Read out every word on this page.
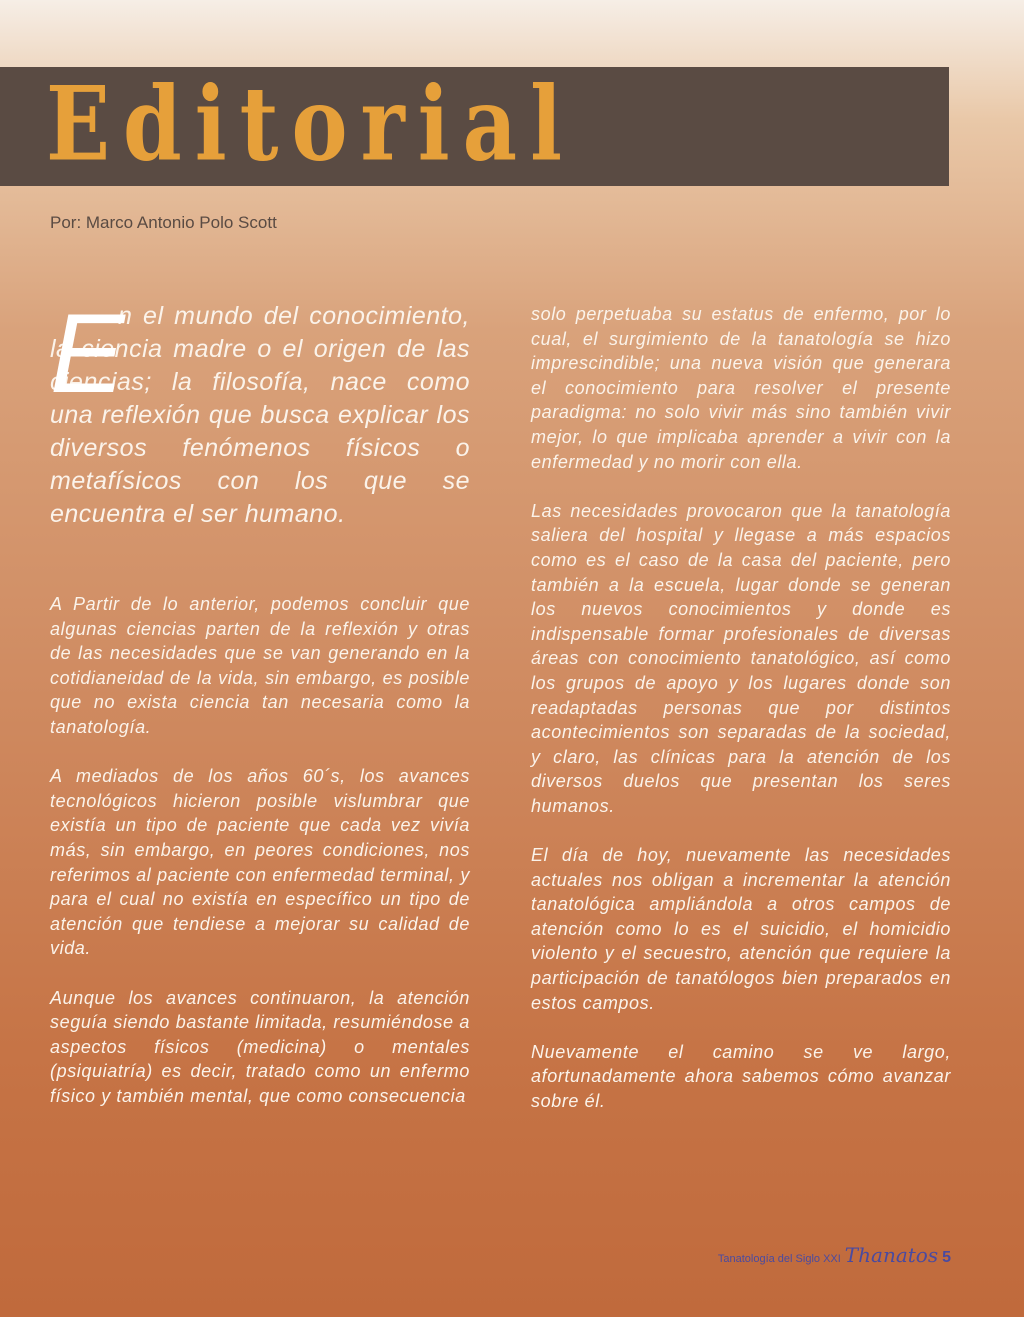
Editorial
Por: Marco Antonio Polo Scott
E

n el mundo del conocimiento, la ciencia madre o el origen de las ciencias; la filosofía, nace como una reflexión que busca explicar los diversos fenómenos físicos o metafísicos con los que se encuentra el ser humano.

A Partir de lo anterior, podemos concluir que algunas ciencias parten de la reflexión y otras de las necesidades que se van generando en la cotidianeidad de la vida, sin embargo, es posible que no exista ciencia tan necesaria como la tanatología.

A mediados de los años 60´s, los avances tecnológicos hicieron posible vislumbrar que existía un tipo de paciente que cada vez vivía más, sin embargo, en peores condiciones, nos referimos al paciente con enfermedad terminal, y para el cual no existía en específico un tipo de atención que tendiese a mejorar su calidad de vida.

Aunque los avances continuaron, la atención seguía siendo bastante limitada, resumiéndose a aspectos físicos (medicina) o mentales (psiquiatría) es decir, tratado como un enfermo físico y también mental, que como consecuencia

solo perpetuaba su estatus de enfermo, por lo cual, el surgimiento de la tanatología se hizo imprescindible; una nueva visión que generara el conocimiento para resolver el presente paradigma: no solo vivir más sino también vivir mejor, lo que implicaba aprender a vivir con la enfermedad y no morir con ella.

Las necesidades provocaron que la tanatología saliera del hospital y llegase a más espacios como es el caso de la casa del paciente, pero también a la escuela, lugar donde se generan los nuevos conocimientos y donde es indispensable formar profesionales de diversas áreas con conocimiento tanatológico, así como los grupos de apoyo y los lugares donde son readaptadas personas que por distintos acontecimientos son separadas de la sociedad, y claro, las clínicas para la atención de los diversos duelos que presentan los seres humanos.

El día de hoy, nuevamente las necesidades actuales nos obligan a incrementar la atención tanatológica ampliándola a otros campos de atención como lo es el suicidio, el homicidio violento y el secuestro, atención que requiere la participación de tanatólogos bien preparados en estos campos.

Nuevamente el camino se ve largo, afortunadamente ahora sabemos cómo avanzar sobre él.

Tanatología del Siglo XXI Thanatos 5
